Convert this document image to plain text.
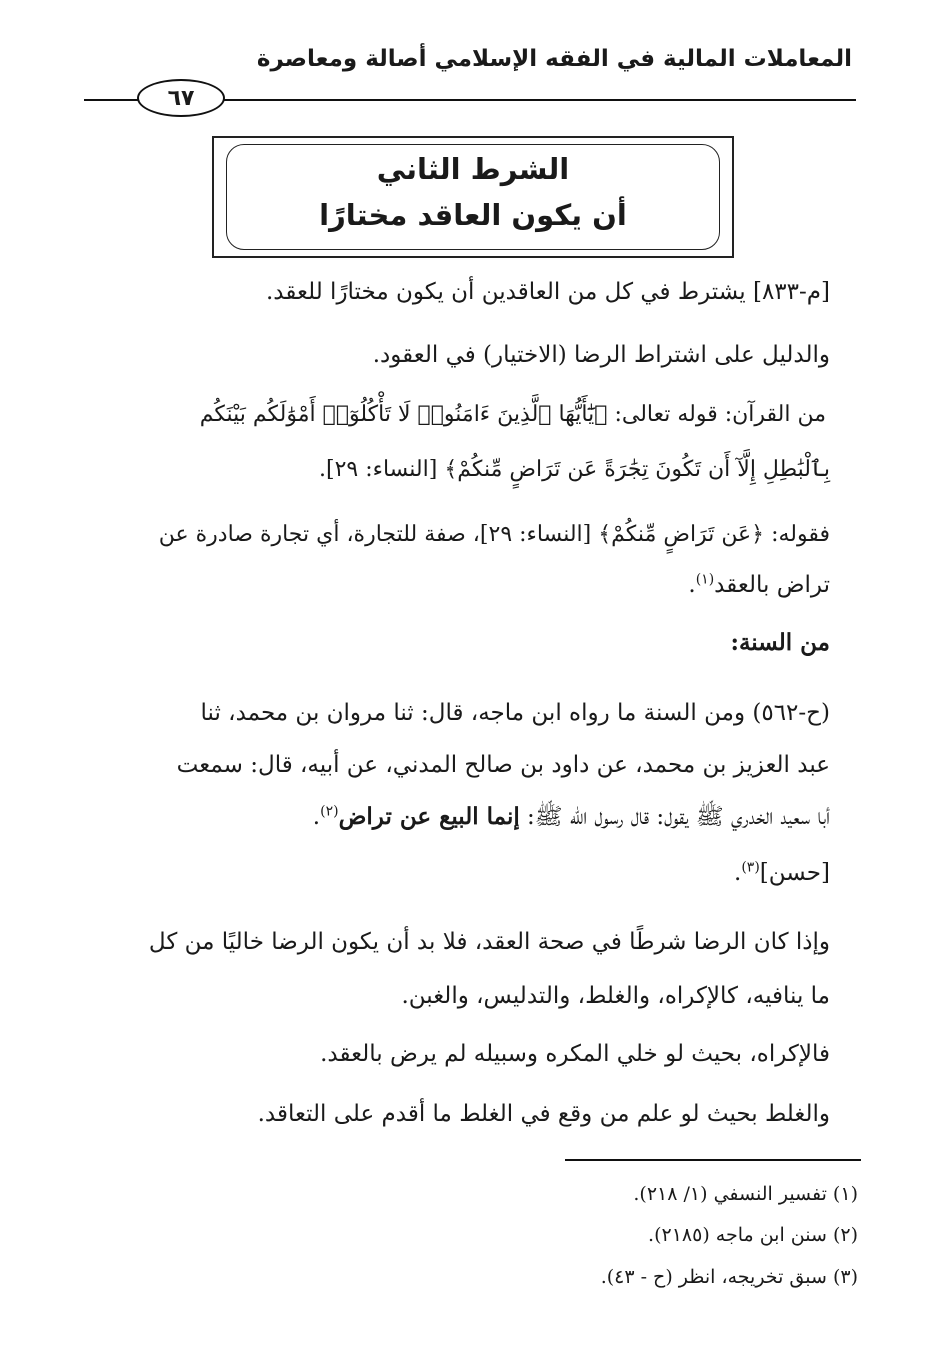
المعاملات المالية في الفقه الإسلامي أصالة ومعاصرة
٦٧
الشرط الثاني
أن يكون العاقد مختارًا
[م-٨٣٣] يشترط في كل من العاقدين أن يكون مختارًا للعقد.
والدليل على اشتراط الرضا (الاختيار) في العقود.
من القرآن: قوله تعالى: ﴿يَٰٓأَيُّهَا ٱلَّذِينَ ءَامَنُوا۟ لَا تَأْكُلُوٓا۟ أَمْوَٰلَكُم بَيْنَكُم
بِٱلْبَٰطِلِ إِلَّآ أَن تَكُونَ تِجَٰرَةً عَن تَرَاضٍ مِّنكُمْ﴾ [النساء: ٢٩].
فقوله: ﴿عَن تَرَاضٍ مِّنكُمْ﴾ [النساء: ٢٩]، صفة للتجارة، أي تجارة صادرة عن
تراض بالعقد$^{(١)}$.
من السنة:
(ح-٥٦٢) ومن السنة ما رواه ابن ماجه، قال: ثنا مروان بن محمد، ثنا
عبد العزيز بن محمد، عن داود بن صالح المدني، عن أبيه، قال: سمعت
أبا سعيد الخدري ﷺ يقول: قال رسول الله ﷺ: إنما البيع عن تراض$^{(٢)}$.
[حسن]$^{(٣)}$.
وإذا كان الرضا شرطًا في صحة العقد، فلا بد أن يكون الرضا خاليًا من كل
ما ينافيه، كالإكراه، والغلط، والتدليس، والغبن.
فالإكراه، بحيث لو خلي المكره وسبيله لم يرض بالعقد.
والغلط بحيث لو علم من وقع في الغلط ما أقدم على التعاقد.
(١) تفسير النسفي (١/ ٢١٨).
(٢) سنن ابن ماجه (٢١٨٥).
(٣) سبق تخريجه، انظر (ح - ٤٣).
